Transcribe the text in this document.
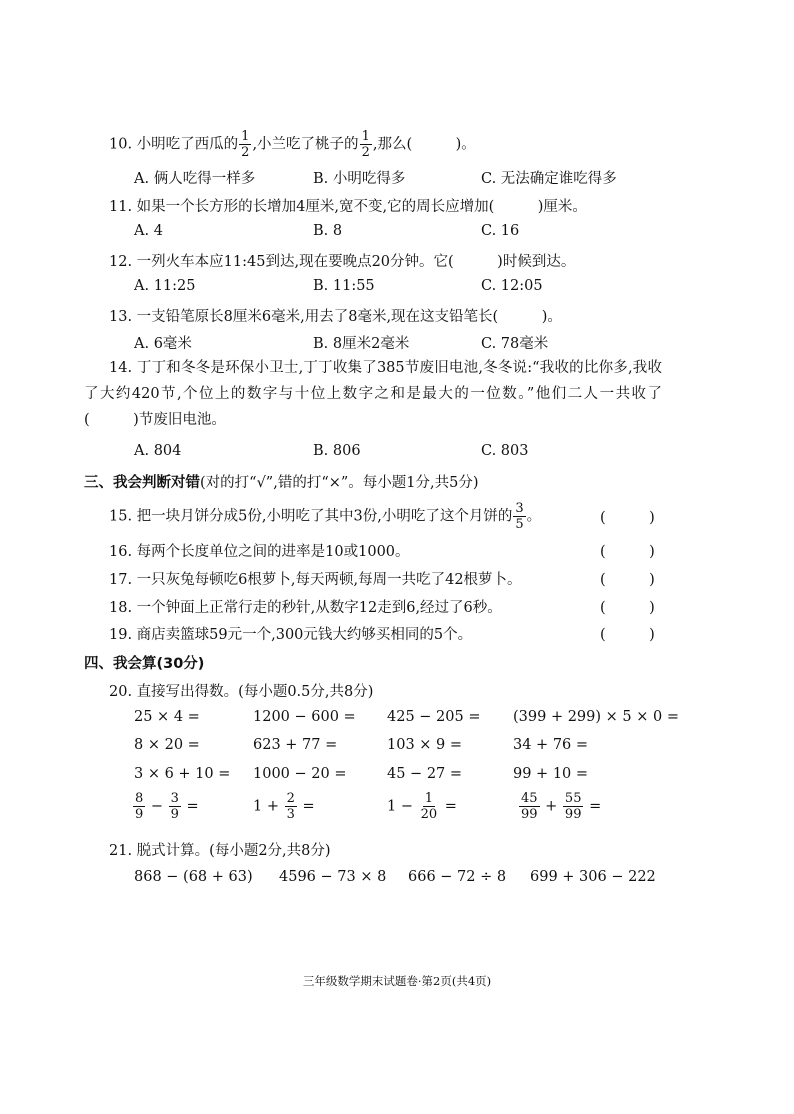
10. 小明吃了西瓜的 $\frac{1}{2}$ ,小兰吃了桃子的 $\frac{1}{2}$ ,那么(　　　)。
A. 俩人吃得一样多	B. 小明吃得多	C. 无法确定谁吃得多
11. 如果一个长方形的长增加4厘米,宽不变,它的周长应增加(　　　)厘米。
A. 4	B. 8	C. 16
12. 一列火车本应11:45到达,现在要晚点20分钟。它(　　　)时候到达。
A. 11:25	B. 11:55	C. 12:05
13. 一支铅笔原长8厘米6毫米,用去了8毫米,现在这支铅笔长(　　　)。
A. 6毫米	B. 8厘米2毫米	C. 78毫米
14. 丁丁和冬冬是环保小卫士,丁丁收集了385节废旧电池,冬冬说:“我收的比你多,我收了大约420节,个位上的数字与十位上数字之和是最大的一位数。”他们二人一共收了(　　　)节废旧电池。
A. 804	B. 806	C. 803
三、我会判断对错(对的打“√”,错的打“×”。每小题1分,共5分)
15. 把一块月饼分成5份,小明吃了其中3份,小明吃了这个月饼的 $\frac{3}{5}$ 。	(　　　)
16. 每两个长度单位之间的进率是10或1000。	(　　　)
17. 一只灰兔每顿吃6根萝卜,每天两顿,每周一共吃了42根萝卜。	(　　　)
18. 一个钟面上正常行走的秒针,从数字12走到6,经过了6秒。	(　　　)
19. 商店卖篮球59元一个,300元钱大约够买相同的5个。	(　　　)
四、我会算(30分)
20. 直接写出得数。(每小题0.5分,共8分)
25 × 4 =	1200 − 600 = 425 − 205 = (399 + 299) × 5 × 0 =
8 × 20 =	623 + 77 =	103 × 9 =	34 + 76 =
3 × 6 + 10 = 1000 − 20 =	45 − 27 =	99 + 10 =
$\frac{8}{9} - \frac{3}{9}$ =	$1 + \frac{2}{3}$ =	$1 - \frac{1}{20}$ =	$\frac{45}{99} + \frac{55}{99}$ =
21. 脱式计算。(每小题2分,共8分)
868 − (68 + 63) 4596 − 73 × 8 666 − 72 ÷ 8 699 + 306 − 222
三年级数学期末试题卷·第2页(共4页)
